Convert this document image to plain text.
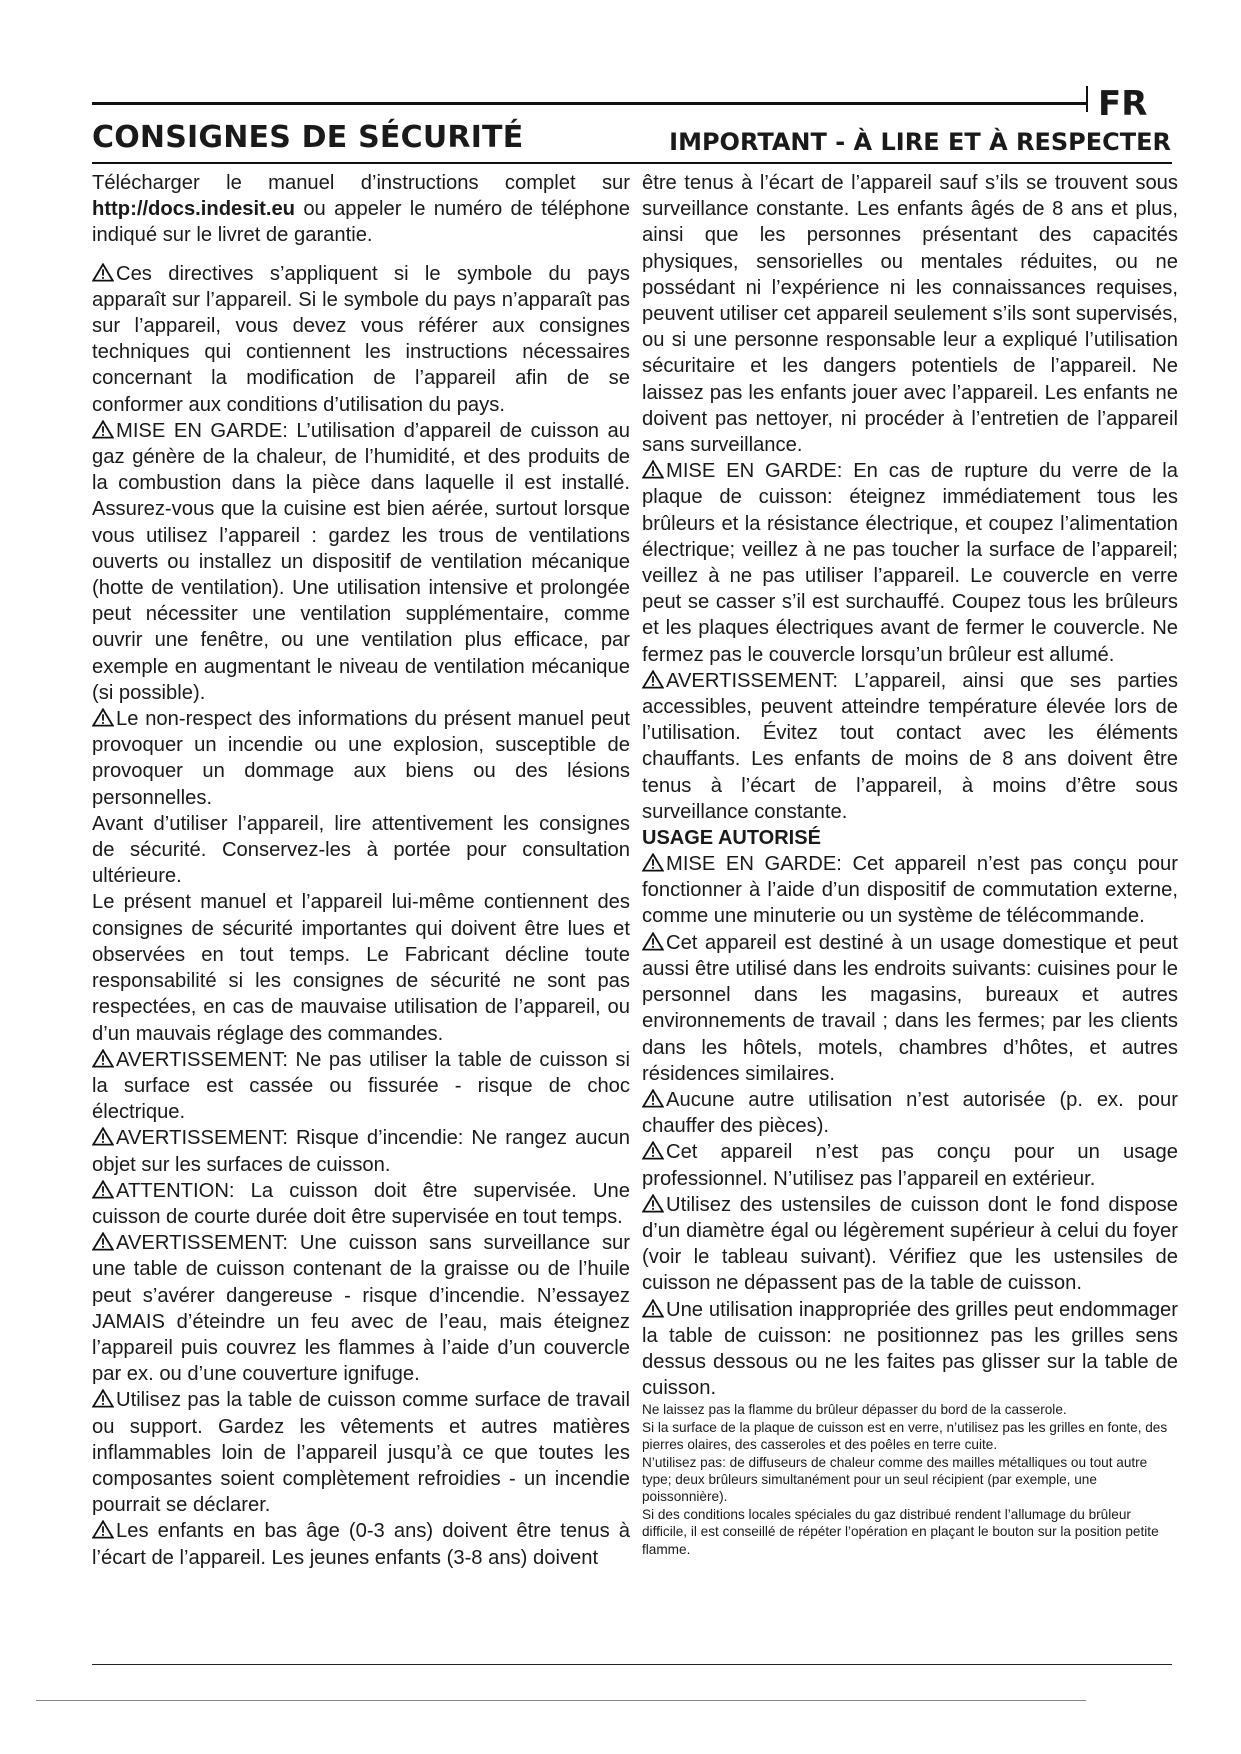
FR
CONSIGNES DE SÉCURITÉ	IMPORTANT - À LIRE ET À RESPECTER

Télécharger le manuel d’instructions complet sur http://docs.indesit.eu ou appeler le numéro de téléphone indiqué sur le livret de garantie.

Ces directives s’appliquent si le symbole du pays apparaît sur l’appareil. Si le symbole du pays n’apparaît pas sur l’appareil, vous devez vous référer aux consignes techniques qui contiennent les instructions nécessaires concernant la modification de l’appareil afin de se conformer aux conditions d’utilisation du pays.

MISE EN GARDE: L’utilisation d’appareil de cuisson au gaz génère de la chaleur, de l’humidité, et des produits de la combustion dans la pièce dans laquelle il est installé. Assurez-vous que la cuisine est bien aérée, surtout lorsque vous utilisez l’appareil : gardez les trous de ventilations ouverts ou installez un dispositif de ventilation mécanique (hotte de ventilation). Une utilisation intensive et prolongée peut nécessiter une ventilation supplémentaire, comme ouvrir une fenêtre, ou une ventilation plus efficace, par exemple en augmentant le niveau de ventilation mécanique (si possible).

Le non-respect des informations du présent manuel peut provoquer un incendie ou une explosion, susceptible de provoquer un dommage aux biens ou des lésions personnelles.

Avant d’utiliser l’appareil, lire attentivement les consignes de sécurité. Conservez-les à portée pour consultation ultérieure.

Le présent manuel et l’appareil lui-même contiennent des consignes de sécurité importantes qui doivent être lues et observées en tout temps. Le Fabricant décline toute responsabilité si les consignes de sécurité ne sont pas respectées, en cas de mauvaise utilisation de l’appareil, ou d’un mauvais réglage des commandes.

AVERTISSEMENT: Ne pas utiliser la table de cuisson si la surface est cassée ou fissurée - risque de choc électrique.

AVERTISSEMENT: Risque d’incendie: Ne rangez aucun objet sur les surfaces de cuisson.

ATTENTION: La cuisson doit être supervisée. Une cuisson de courte durée doit être supervisée en tout temps.

AVERTISSEMENT: Une cuisson sans surveillance sur une table de cuisson contenant de la graisse ou de l’huile peut s’avérer dangereuse - risque d’incendie. N’essayez JAMAIS d’éteindre un feu avec de l’eau, mais éteignez l’appareil puis couvrez les flammes à l’aide d’un couvercle par ex. ou d’une couverture ignifuge.

Utilisez pas la table de cuisson comme surface de travail ou support. Gardez les vêtements et autres matières inflammables loin de l’appareil jusqu’à ce que toutes les composantes soient complètement refroidies - un incendie pourrait se déclarer.

Les enfants en bas âge (0-3 ans) doivent être tenus à l’écart de l’appareil. Les jeunes enfants (3-8 ans) doivent

être tenus à l’écart de l’appareil sauf s’ils se trouvent sous surveillance constante. Les enfants âgés de 8 ans et plus, ainsi que les personnes présentant des capacités physiques, sensorielles ou mentales réduites, ou ne possédant ni l’expérience ni les connaissances requises, peuvent utiliser cet appareil seulement s’ils sont supervisés, ou si une personne responsable leur a expliqué l’utilisation sécuritaire et les dangers potentiels de l’appareil. Ne laissez pas les enfants jouer avec l’appareil. Les enfants ne doivent pas nettoyer, ni procéder à l’entretien de l’appareil sans surveillance.

MISE EN GARDE: En cas de rupture du verre de la plaque de cuisson: éteignez immédiatement tous les brûleurs et la résistance électrique, et coupez l’alimentation électrique; veillez à ne pas toucher la surface de l’appareil; veillez à ne pas utiliser l’appareil. Le couvercle en verre peut se casser s’il est surchauffé. Coupez tous les brûleurs et les plaques électriques avant de fermer le couvercle. Ne fermez pas le couvercle lorsqu’un brûleur est allumé.

AVERTISSEMENT: L’appareil, ainsi que ses parties accessibles, peuvent atteindre température élevée lors de l’utilisation. Évitez tout contact avec les éléments chauffants. Les enfants de moins de 8 ans doivent être tenus à l’écart de l’appareil, à moins d’être sous surveillance constante.

USAGE AUTORISÉ

MISE EN GARDE: Cet appareil n’est pas conçu pour fonctionner à l’aide d’un dispositif de commutation externe, comme une minuterie ou un système de télécommande.

Cet appareil est destiné à un usage domestique et peut aussi être utilisé dans les endroits suivants: cuisines pour le personnel dans les magasins, bureaux et autres environnements de travail ; dans les fermes; par les clients dans les hôtels, motels, chambres d’hôtes, et autres résidences similaires.

Aucune autre utilisation n’est autorisée (p. ex. pour chauffer des pièces).

Cet appareil n’est pas conçu pour un usage professionnel. N’utilisez pas l’appareil en extérieur.

Utilisez des ustensiles de cuisson dont le fond dispose d’un diamètre égal ou légèrement supérieur à celui du foyer (voir le tableau suivant). Vérifiez que les ustensiles de cuisson ne dépassent pas de la table de cuisson.

Une utilisation inappropriée des grilles peut endommager la table de cuisson: ne positionnez pas les grilles sens dessus dessous ou ne les faites pas glisser sur la table de cuisson.

Ne laissez pas la flamme du brûleur dépasser du bord de la casserole.

Si la surface de la plaque de cuisson est en verre, n’utilisez pas les grilles en fonte, des pierres olaires, des casseroles et des poêles en terre cuite.

N’utilisez pas: de diffuseurs de chaleur comme des mailles métalliques ou tout autre type; deux brûleurs simultanément pour un seul récipient (par exemple, une poissonnière).

Si des conditions locales spéciales du gaz distribué rendent l’allumage du brûleur difficile, il est conseillé de répéter l’opération en plaçant le bouton sur la position petite flamme.
